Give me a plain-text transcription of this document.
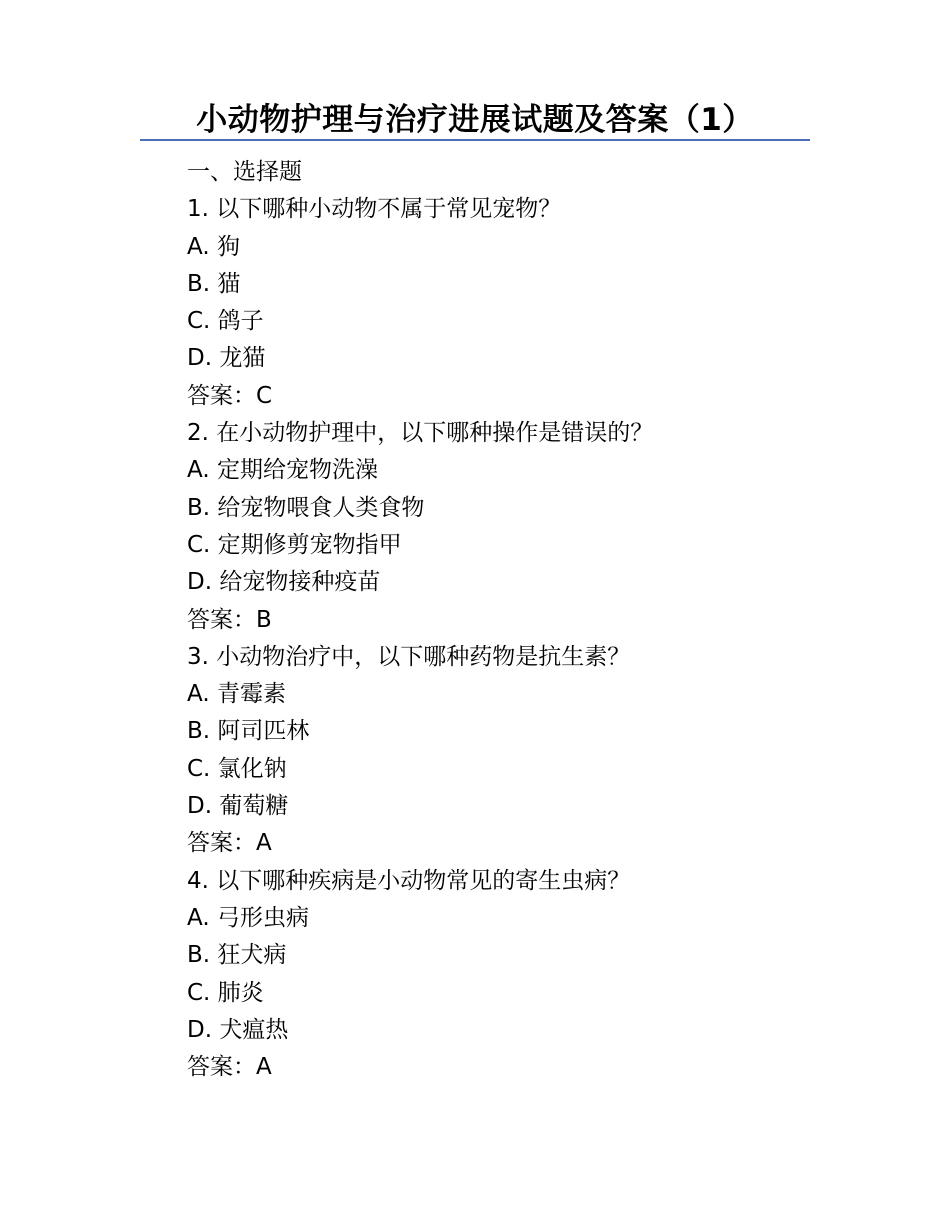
小动物护理与治疗进展试题及答案（1）
一、选择题
1. 以下哪种小动物不属于常见宠物？
A. 狗
B. 猫
C. 鸽子
D. 龙猫
答案：C
2. 在小动物护理中，以下哪种操作是错误的？
A. 定期给宠物洗澡
B. 给宠物喂食人类食物
C. 定期修剪宠物指甲
D. 给宠物接种疫苗
答案：B
3. 小动物治疗中，以下哪种药物是抗生素？
A. 青霉素
B. 阿司匹林
C. 氯化钠
D. 葡萄糖
答案：A
4. 以下哪种疾病是小动物常见的寄生虫病？
A. 弓形虫病
B. 狂犬病
C. 肺炎
D. 犬瘟热
答案：A
